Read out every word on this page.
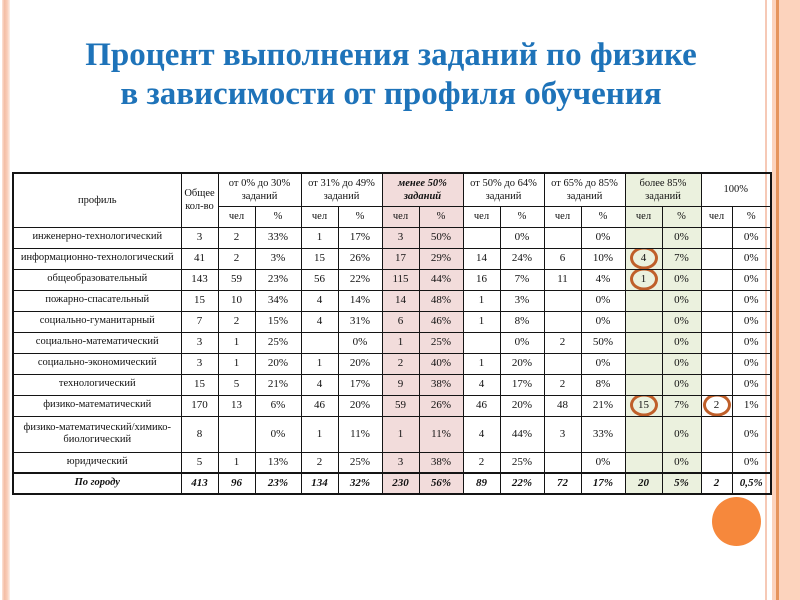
Процент выполнения заданий по физике
в зависимости от профиля обучения
профиль	Общее кол-во	от 0% до 30% заданий		от 31% до 49% заданий		менее 50% заданий		от 50% до 64% заданий		от 65% до 85% заданий		более 85% заданий		100%	
		чел	%	чел	%	чел	%	чел	%	чел	%	чел	%	чел	%
инженерно-технологический	3	2	33%	1	17%	3	50%		0%		0%		0%		0%
информационно-технологический	41	2	3%	15	26%	17	29%	14	24%	6	10%	4	7%		0%
общеобразовательный	143	59	23%	56	22%	115	44%	16	7%	11	4%	1	0%		0%
пожарно-спасательный	15	10	34%	4	14%	14	48%	1	3%		0%		0%		0%
социально-гуманитарный	7	2	15%	4	31%	6	46%	1	8%		0%		0%		0%
социально-математический	3	1	25%		0%	1	25%		0%	2	50%		0%		0%
социально-экономический	3	1	20%	1	20%	2	40%	1	20%		0%		0%		0%
технологический	15	5	21%	4	17%	9	38%	4	17%	2	8%		0%		0%
физико-математический	170	13	6%	46	20%	59	26%	46	20%	48	21%	15	7%	2	1%
физико-математический/химико-биологический	8		0%	1	11%	1	11%	4	44%	3	33%		0%		0%
юридический	5	1	13%	2	25%	3	38%	2	25%		0%		0%		0%
По городу	413	96	23%	134	32%	230	56%	89	22%	72	17%	20	5%	2	0,5%
